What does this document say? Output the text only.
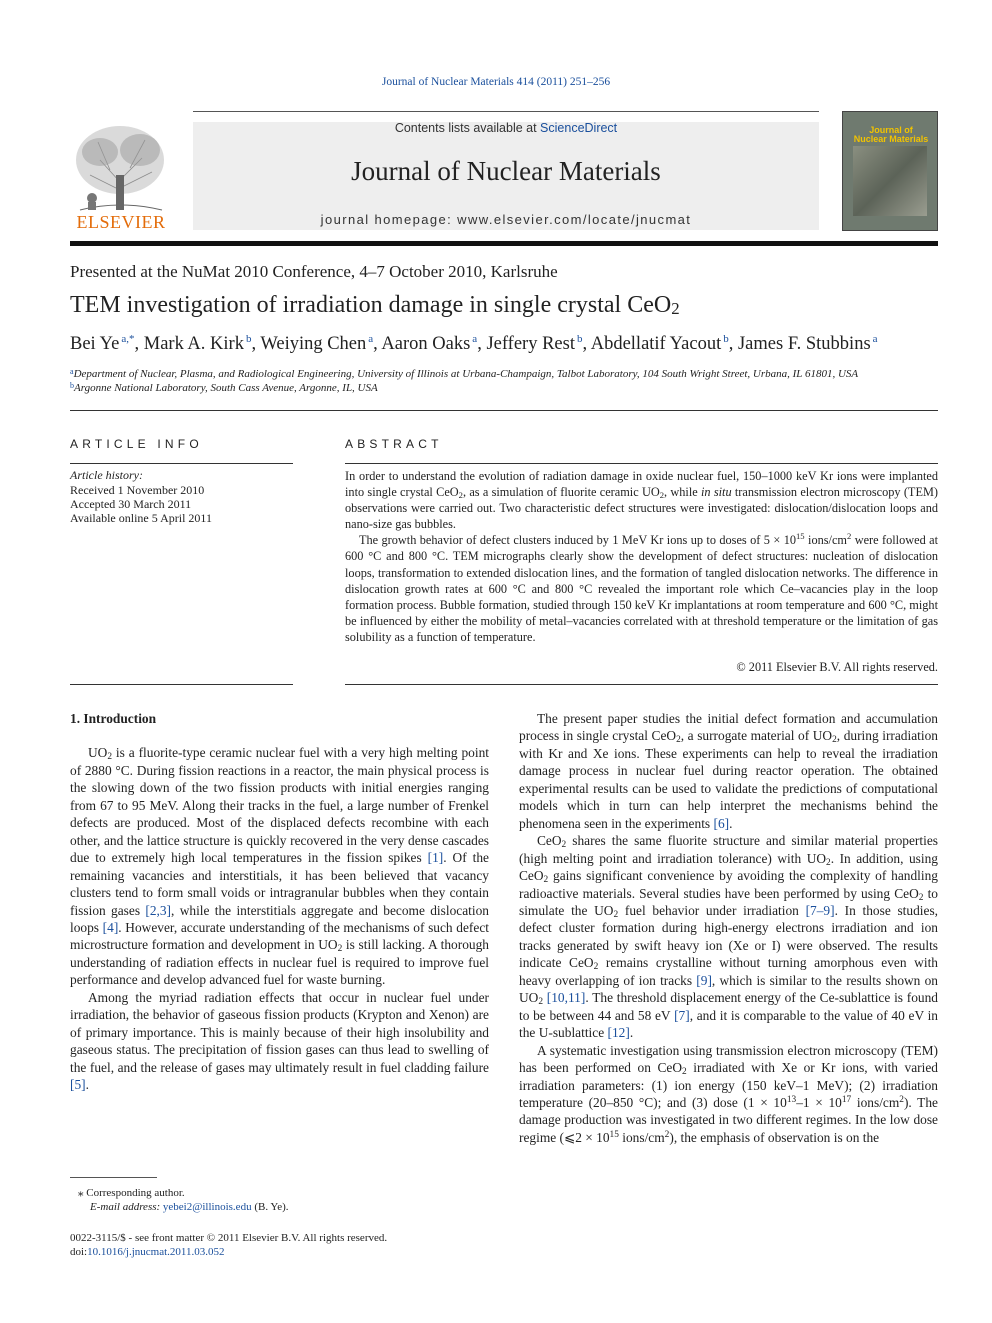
Journal of Nuclear Materials 414 (2011) 251–256
Contents lists available at ScienceDirect
Journal of Nuclear Materials
journal homepage: www.elsevier.com/locate/jnucmat
ELSEVIER
Journal of
Nuclear Materials
Presented at the NuMat 2010 Conference, 4–7 October 2010, Karlsruhe
TEM investigation of irradiation damage in single crystal CeO$_2$
Bei Ye $^{a,*}$, Mark A. Kirk $^b$, Weiying Chen $^a$, Aaron Oaks $^a$, Jeffery Rest $^b$, Abdellatif Yacout $^b$, James F. Stubbins $^a$
$^a$Department of Nuclear, Plasma, and Radiological Engineering, University of Illinois at Urbana-Champaign, Talbot Laboratory, 104 South Wright Street, Urbana, IL 61801, USA
$^b$Argonne National Laboratory, South Cass Avenue, Argonne, IL, USA
ARTICLE INFO
Article history:
Received 1 November 2010
Accepted 30 March 2011
Available online 5 April 2011
ABSTRACT

In order to understand the evolution of radiation damage in oxide nuclear fuel, 150–1000 keV Kr ions were implanted into single crystal CeO$_2$, as a simulation of fluorite ceramic $UO_2$, while in situ transmission electron microscopy (TEM) observations were carried out. Two characteristic defect structures were investigated: dislocation/dislocation loops and nano-size gas bubbles.

The growth behavior of defect clusters induced by 1 MeV Kr ions up to doses of $5 \times 10^{15}$ ions/$cm^2$ were followed at 600 °C and 800 °C. TEM micrographs clearly show the development of defect structures: nucleation of dislocation loops, transformation to extended dislocation lines, and the formation of tangled dislocation networks. The difference in dislocation growth rates at 600 °C and 800 °C revealed the important role which Ce–vacancies play in the loop formation process. Bubble formation, studied through 150 keV Kr implantations at room temperature and 600 °C, might be influenced by either the mobility of metal–vacancies correlated with at threshold temperature or the limitation of gas solubility as a function of temperature.

© 2011 Elsevier B.V. All rights reserved.
1. Introduction

$UO_2$ is a fluorite-type ceramic nuclear fuel with a very high melting point of 2880 °C. During fission reactions in a reactor, the main physical process is the slowing down of the two fission products with initial energies ranging from 67 to 95 MeV. Along their tracks in the fuel, a large number of Frenkel defects are produced. Most of the displaced defects recombine with each other, and the lattice structure is quickly recovered in the very dense cascades due to extremely high local temperatures in the fission spikes [1]. Of the remaining vacancies and interstitials, it has been believed that vacancy clusters tend to form small voids or intragranular bubbles when they contain fission gases [2,3], while the interstitials aggregate and become dislocation loops [4]. However, accurate understanding of the mechanisms of such defect microstructure formation and development in $UO_2$ is still lacking. A thorough understanding of radiation effects in nuclear fuel is required to improve fuel performance and develop advanced fuel for waste burning.

Among the myriad radiation effects that occur in nuclear fuel under irradiation, the behavior of gaseous fission products (Krypton and Xenon) are of primary importance. This is mainly because of their high insolubility and gaseous status. The precipitation of fission gases can thus lead to swelling of the fuel, and the release of gases may ultimately result in fuel cladding failure [5].

The present paper studies the initial defect formation and accumulation process in single crystal CeO$_2$, a surrogate material of $UO_2$, during irradiation with Kr and Xe ions. These experiments can help to reveal the irradiation damage process in nuclear fuel during reactor operation. The obtained experimental results can be used to validate the predictions of computational models which in turn can help interpret the mechanisms behind the phenomena seen in the experiments [6].

CeO$_2$ shares the same fluorite structure and similar material properties (high melting point and irradiation tolerance) with $UO_2$. In addition, using CeO$_2$ gains significant convenience by avoiding the complexity of handling radioactive materials. Several studies have been performed by using CeO$_2$ to simulate the $UO_2$ fuel behavior under irradiation [7–9]. In those studies, defect cluster formation during high-energy electrons irradiation and ion tracks generated by swift heavy ion (Xe or I) were observed. The results indicate CeO$_2$ remains crystalline without turning amorphous even with heavy overlapping of ion tracks [9], which is similar to the results shown on $UO_2$ [10,11]. The threshold displacement energy of the Ce-sublattice is found to be between 44 and 58 eV [7], and it is comparable to the value of 40 eV in the U-sublattice [12].

A systematic investigation using transmission electron microscopy (TEM) has been performed on CeO$_2$ irradiated with Xe or Kr ions, with varied irradiation parameters: (1) ion energy (150 keV–1 MeV); (2) irradiation temperature (20–850 °C); and (3) dose ($1 \times 10^{13}-1 \times 10^{17}$ ions/$cm^2$). The damage production was investigated in two different regimes. In the low dose regime (⩽2 × $10^{15}$ ions/$cm^2$), the emphasis of observation is on the

⁎ Corresponding author.
E-mail address: yebei2@illinois.edu (B. Ye).
0022-3115/$ - see front matter © 2011 Elsevier B.V. All rights reserved.
doi:10.1016/j.jnucmat.2011.03.052
